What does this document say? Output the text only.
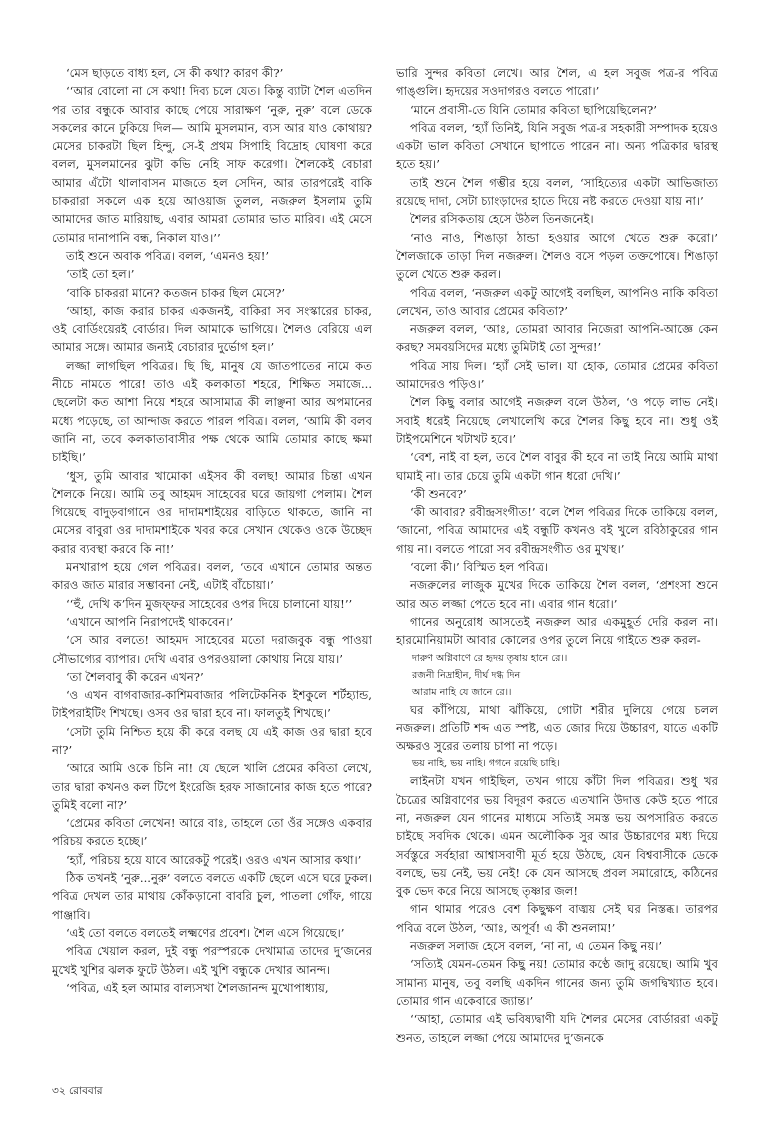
‘মেস ছাড়তে বাধ্য হল, সে কী কথা? কারণ কী?’

‘‘আর বোলো না সে কথা! দিব্য চলে যেত। কিন্তু ব্যাটা শৈল এতদিন পর তার বন্ধুকে আবার কাছে পেয়ে সারাক্ষণ ‘নুরু, নুরু’ বলে ডেকে সকলের কানে ঢুকিয়ে দিল— আমি মুসলমান, ব্যস আর যাও কোথায়? মেসের চাকরটা ছিল হিন্দু, সে-ই প্রথম সিপাহি বিদ্রোহ ঘোষণা করে বলল, মুসলমানের ঝুটা কভি নেহি সাফ করেগা। শৈলকেই বেচারা আমার এঁটো থালাবাসন মাজতে হল সেদিন, আর তারপরেই বাকি চাকরারা সকলে এক হয়ে আওয়াজ তুলল, নজরুল ইসলাম তুমি আমাদের জাত মারিয়াছ, এবার আমরা তোমার ভাত মারিব। এই মেসে তোমার দানাপানি বন্ধ, নিকাল যাও।’’

তাই শুনে অবাক পবিত্র। বলল, ‘এমনও হয়!’

‘তাই তো হল।’

‘বাকি চাকররা মানে? কতজন চাকর ছিল মেসে?’

‘আহা, কাজ করার চাকর একজনই, বাকিরা সব সংস্কারের চাকর, ওই বোর্ডিংয়েরই বোর্ডার। দিল আমাকে ভাগিয়ে। শৈলও বেরিয়ে এল আমার সঙ্গে। আমার জন্যই বেচারার দুর্ভোগ হল।’

লজ্জা লাগছিল পবিত্রর। ছি ছি, মানুষ যে জাতপাতের নামে কত নীচে নামতে পারে! তাও এই কলকাতা শহরে, শিক্ষিত সমাজে... ছেলেটা কত আশা নিয়ে শহরে আসামাত্র কী লাঞ্ছনা আর অপমানের মধ্যে পড়েছে, তা আন্দাজ করতে পারল পবিত্র। বলল, ‘আমি কী বলব জানি না, তবে কলকাতাবাসীর পক্ষ থেকে আমি তোমার কাছে ক্ষমা চাইছি।’

‘ধুস, তুমি আবার খামোকা এইসব কী বলছ! আমার চিন্তা এখন শৈলকে নিয়ে। আমি তবু আহমদ সাহেবের ঘরে জায়গা পেলাম। শৈল গিয়েছে বাদুড়বাগানে ওর দাদামশাইয়ের বাড়িতে থাকতে, জানি না মেসের বাবুরা ওর দাদামশাইকে খবর করে সেখান থেকেও ওকে উচ্ছেদ করার ব্যবস্থা করবে কি না!’

মনখারাপ হয়ে গেল পবিত্রর। বলল, ‘তবে এখানে তোমার অন্তত কারও জাত মারার সম্ভাবনা নেই, এটাই বাঁচোয়া।’

‘‘হুঁ, দেখি ক’দিন মুজফ্‌ফর সাহেবের ওপর দিয়ে চালানো যায়!’’

‘এখানে আপনি নিরাপদেই থাকবেন।’

‘সে আর বলতে! আহমদ সাহেবের মতো দরাজবুক বন্ধু পাওয়া সৌভাগ্যের ব্যাপার। দেখি এবার ওপরওয়ালা কোথায় নিয়ে যায়।’

‘তা শৈলবাবু কী করেন এখন?’

‘ও এখন বাগবাজার-কাশিমবাজার পলিটেকনিক ইশকুলে শর্টহ্যান্ড, টাইপরাইটিং শিখছে। ওসব ওর দ্বারা হবে না। ফালতুই শিখছে।’

‘সেটা তুমি নিশ্চিত হয়ে কী করে বলছ যে এই কাজ ওর দ্বারা হবে না?’

‘আরে আমি ওকে চিনি না! যে ছেলে খালি প্রেমের কবিতা লেখে, তার দ্বারা কখনও কল টিপে ইংরেজি হরফ সাজানোর কাজ হতে পারে? তুমিই বলো না?’

‘প্রেমের কবিতা লেখেন! আরে বাঃ, তাহলে তো ওঁর সঙ্গেও একবার পরিচয় করতে হচ্ছে।’

‘হ্যাঁ, পরিচয় হয়ে যাবে আরেকটু পরেই। ওরও এখন আসার কথা।’

ঠিক তখনই ‘নুরু...নুরু’ বলতে বলতে একটি ছেলে এসে ঘরে ঢুকল। পবিত্র দেখল তার মাথায় কোঁকড়ানো বাবরি চুল, পাতলা গোঁফ, গায়ে পাঞ্জাবি।

‘এই তো বলতে বলতেই লক্ষ্মণের প্রবেশ। শৈল এসে গিয়েছে।’

পবিত্র খেয়াল করল, দুই বন্ধু পরস্পরকে দেখামাত্র তাদের দু’জনের মুখেই খুশির ঝলক ফুটে উঠল। এই খুশি বন্ধুকে দেখার আনন্দ।

‘পবিত্র, এই হল আমার বাল্যসখা শৈলজানন্দ মুখোপাধ্যায়,

ভারি সুন্দর কবিতা লেখে। আর শৈল, এ হল সবুজ পত্র-র পবিত্র গাঙ্গুলি। হৃদয়ের সওদাগরও বলতে পারো।’

‘মানে প্রবাসী-তে যিনি তোমার কবিতা ছাপিয়েছিলেন?’

পবিত্র বলল, ‘হ্যাঁ তিনিই, যিনি সবুজ পত্র-র সহকারী সম্পাদক হয়েও একটা ভাল কবিতা সেখানে ছাপাতে পারেন না। অন্য পত্রিকার দ্বারস্থ হতে হয়।’

তাই শুনে শৈল গম্ভীর হয়ে বলল, ‘সাহিত্যের একটা আভিজাত্য রয়েছে দাদা, সেটা চ্যাংড়াদের হাতে দিয়ে নষ্ট করতে দেওয়া যায় না।’

শৈলর রসিকতায় হেসে উঠল তিনজনেই।

‘নাও নাও, শিঙাড়া ঠান্ডা হওয়ার আগে খেতে শুরু করো।’ শৈলজাকে তাড়া দিল নজরুল। শৈলও বসে পড়ল তক্তপোষে। শিঙাড়া তুলে খেতে শুরু করল।

পবিত্র বলল, ‘নজরুল একটু আগেই বলছিল, আপনিও নাকি কবিতা লেখেন, তাও আবার প্রেমের কবিতা?’

নজরুল বলল, ‘আঃ, তোমরা আবার নিজেরা আপনি-আজ্ঞে কেন করছ? সমবয়সিদের মধ্যে তুমিটাই তো সুন্দর!’

পবিত্র সায় দিল। ‘হ্যাঁ সেই ভাল। যা হোক, তোমার প্রেমের কবিতা আমাদেরও পড়িও।’

শৈল কিছু বলার আগেই নজরুল বলে উঠল, ‘ও পড়ে লাভ নেই। সবাই ধরেই নিয়েছে লেখালেখি করে শৈলর কিছু হবে না। শুধু ওই টাইপমেশিনে খটাখট হবে।’

‘বেশ, নাই বা হল, তবে শৈল বাবুর কী হবে না তাই নিয়ে আমি মাথা ঘামাই না। তার চেয়ে তুমি একটা গান ধরো দেখি।’

‘কী শুনবে?’

‘কী আবার? রবীন্দ্রসংগীত!’ বলে শৈল পবিত্রর দিকে তাকিয়ে বলল, ‘জানো, পবিত্র আমাদের এই বন্ধুটি কখনও বই খুলে রবিঠাকুরের গান গায় না। বলতে পারো সব রবীন্দ্রসংগীত ওর মুখস্থ।’

‘বলো কী।’ বিস্মিত হল পবিত্র।

নজরুলের লাজুক মুখের দিকে তাকিয়ে শৈল বলল, ‘প্রশংসা শুনে আর অত লজ্জা পেতে হবে না। এবার গান ধরো।’

গানের অনুরোধ আসতেই নজরুল আর একমুহূর্ত দেরি করল না। হারমোনিয়ামটা আবার কোলের ওপর তুলে নিয়ে গাইতে শুরু করল-

দারুণ অগ্নিবাণে রে হৃদয় তৃষায় হানে রে।।

রজনী নিদ্রাহীন, দীর্ঘ দগ্ধ দিন

আরাম নাহি যে জানে রে।।

ঘর কাঁপিয়ে, মাথা ঝাঁকিয়ে, গোটা শরীর দুলিয়ে গেয়ে চলল নজরুল। প্রতিটি শব্দ এত স্পষ্ট, এত জোর দিয়ে উচ্চারণ, যাতে একটি অক্ষরও সুরের তলায় চাপা না পড়ে।

ভয় নাহি, ভয় নাহি। গগনে রয়েছি চাহি।

লাইনটা যখন গাইছিল, তখন গায়ে কাঁটা দিল পবিত্রর। শুধু খর চৈত্রের অগ্নিবাণের ভয় বিদূরণ করতে এতখানি উদাত্ত কেউ হতে পারে না, নজরুল যেন গানের মাধ্যমে সত্যিই সমস্ত ভয় অপসারিত করতে চাইছে সবদিক থেকে। এমন অলৌকিক সুর আর উচ্চারণের মধ্য দিয়ে সর্বস্তুরে সর্বহারা আশ্বাসবাণী মূর্ত হয়ে উঠছে, যেন বিশ্ববাসীকে ডেকে বলছে, ভয় নেই, ভয় নেই! কে যেন আসছে প্রবল সমারোহে, কঠিনের বুক ভেদ করে নিয়ে আসছে তৃষ্ণার জল!

গান থামার পরেও বেশ কিছুক্ষণ বাঙ্ময় সেই ঘর নিস্তব্ধ। তারপর পবিত্র বলে উঠল, ‘আঃ, অপূর্ব! এ কী শুনলাম!’

নজরুল সলাজ হেসে বলল, ‘না না, এ তেমন কিছু নয়।’

‘সত্যিই যেমন-তেমন কিছু নয়! তোমার কণ্ঠে জাদু রয়েছে। আমি খুব সামান্য মানুষ, তবু বলছি একদিন গানের জন্য তুমি জগদ্বিখ্যাত হবে। তোমার গান একেবারে জ্যান্ত।’

‘‘আহা, তোমার এই ভবিষ্যদ্বাণী যদি শৈলর মেসের বোর্ডাররা একটু শুনত, তাহলে লজ্জা পেয়ে আমাদের দু’জনকে

৩২ রোববার
